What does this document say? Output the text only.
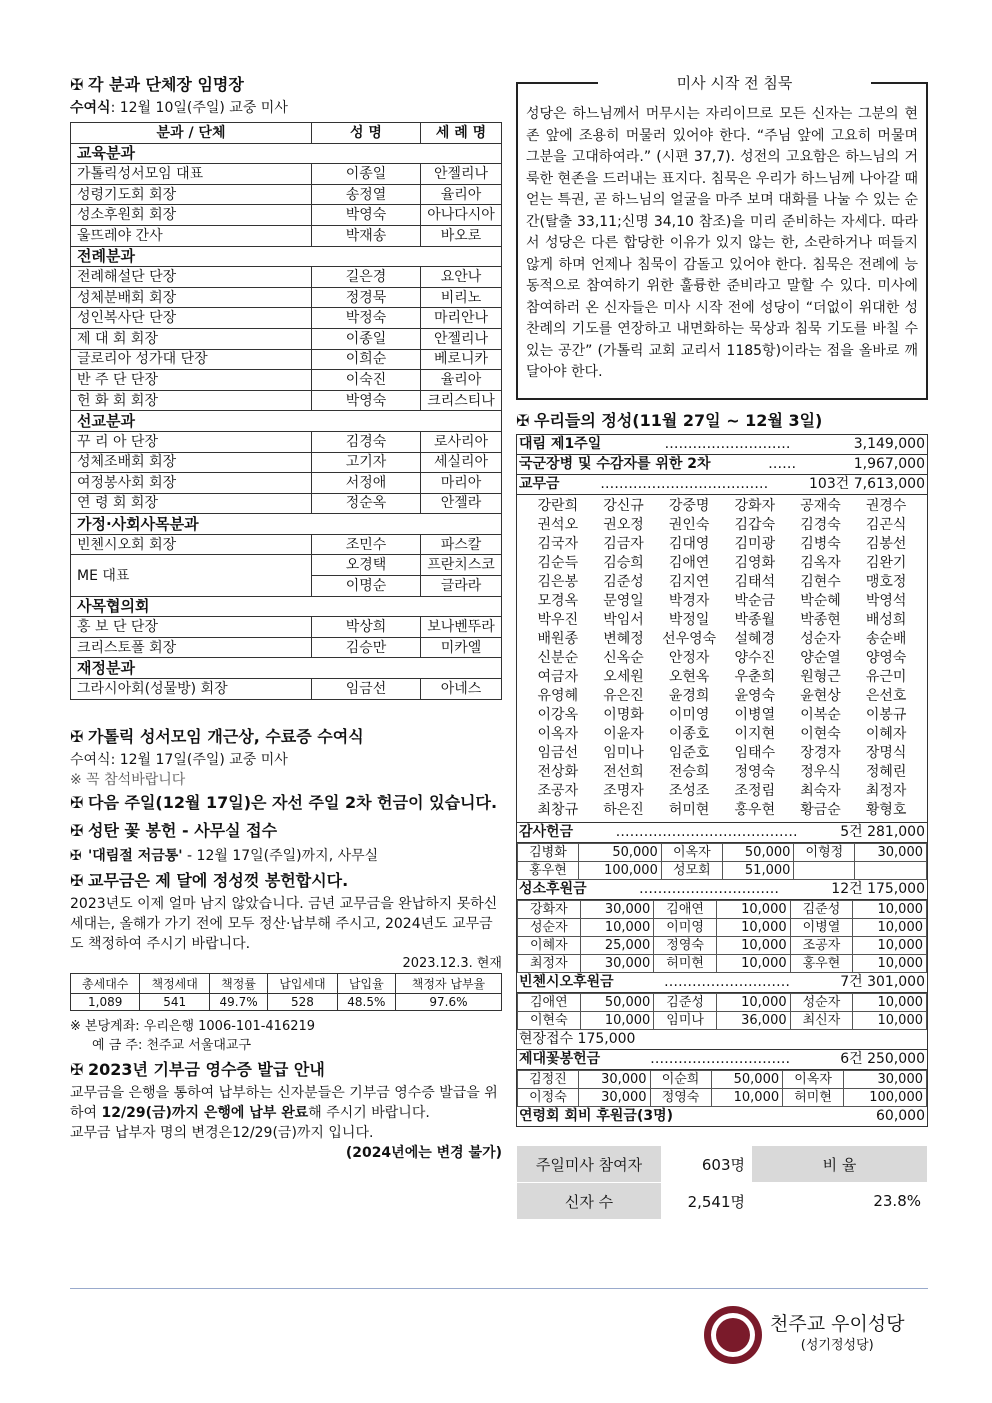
✠ 각 분과 단체장 임명장
수여식: 12월 10일(주일) 교중 미사
분과 / 단체	성 명	세 례 명
교육분과		
가톨릭성서모임 대표	이종일	안젤리나
성령기도회 회장	송정열	율리아
성소후원회 회장	박영숙	아나다시아
울뜨레야 간사	박재송	바오로
전례분과		
전례해설단 단장	길은경	요안나
성체분배회 회장	정경묵	비리노
성인복사단 단장	박정숙	마리안나
제 대 회 회장	이종일	안젤리나
글로리아 성가대 단장	이희순	베로니카
반 주 단 단장	이숙진	율리아
헌 화 회 회장	박영숙	크리스티나
선교분과		
꾸 리 아 단장	김경숙	로사리아
성체조배회 회장	고기자	세실리아
여정봉사회 회장	서정애	마리아
연 령 회 회장	정순옥	안젤라
가정·사회사목분과		
빈첸시오회 회장	조민수	파스칼
ME 대표	오경택	프란치스코
	이명순	글라라
사목협의회		
홍 보 단 단장	박상희	보나벤뚜라
크리스토폴 회장	김승만	미카엘
재정분과		
그라시아회(성물방) 회장	임금선	아네스
✠ 가톨릭 성서모임 개근상, 수료증 수여식
수여식: 12월 17일(주일) 교중 미사
※ 꼭 참석바랍니다
✠ 다음 주일(12월 17일)은 자선 주일 2차 헌금이 있습니다.
✠ 성탄 꽃 봉헌 - 사무실 접수
✠ '대림절 저금통' - 12월 17일(주일)까지, 사무실
✠ 교무금은 제 달에 정성껏 봉헌합시다.
2023년도 이제 얼마 남지 않았습니다. 금년 교무금을 완납하지 못하신 세대는, 올해가 가기 전에 모두 정산·납부해 주시고, 2024년도 교무금도 책정하여 주시기 바랍니다.
2023.12.3. 현재
총세대수	책정세대	책정률	납입세대	납입율	책정자 납부율
1,089	541	49.7%	528	48.5%	97.6%
※ 본당계좌: 우리은행 1006-101-416219
예 금 주: 천주교 서울대교구
✠ 2023년 기부금 영수증 발급 안내
교무금을 은행을 통하여 납부하는 신자분들은 기부금 영수증 발급을 위하여 12/29(금)까지 은행에 납부 완료해 주시기 바랍니다.
교무금 납부자 명의 변경은12/29(금)까지 입니다.
(2024년에는 변경 불가)
미사 시작 전 침묵
성당은 하느님께서 머무시는 자리이므로 모든 신자는 그분의 현존 앞에 조용히 머물러 있어야 한다. “주님 앞에 고요히 머물며 그분을 고대하여라.” (시편 37,7). 성전의 고요함은 하느님의 거룩한 현존을 드러내는 표지다. 침묵은 우리가 하느님께 나아갈 때 얻는 특권, 곧 하느님의 얼굴을 마주 보며 대화를 나눌 수 있는 순간(탈출 33,11;신명 34,10 참조)을 미리 준비하는 자세다. 따라서 성당은 다른 합당한 이유가 있지 않는 한, 소란하거나 떠들지 않게 하며 언제나 침묵이 감돌고 있어야 한다. 침묵은 전례에 능동적으로 참여하기 위한 훌륭한 준비라고 말할 수 있다. 미사에 참여하러 온 신자들은 미사 시작 전에 성당이 “더없이 위대한 성찬례의 기도를 연장하고 내면화하는 묵상과 침묵 기도를 바칠 수 있는 공간” (가톨릭 교회 교리서 1185항)이라는 점을 올바로 깨달아야 한다.
✠ 우리들의 정성(11월 27일 ~ 12월 3일)
대림 제1주일	………………………	3,149,000
국군장병 및 수감자를 위한 2차	……	1,967,000
교무금	………………………………	103건 7,613,000
강란희	강신규	강중명	강화자	공재숙	권경수
권석오	권오정	권인숙	김갑숙	김경숙	김곤식
김국자	김금자	김대영	김미광	김병숙	김봉선
김순득	김승희	김애연	김영화	김옥자	김완기
김은봉	김준성	김지연	김태석	김현수	맹호정
모경옥	문영일	박경자	박순금	박순혜	박영석
박우진	박임서	박정일	박종월	박종현	배성희
배원종	변혜정	선우영숙	설혜경	성순자	송순배
신분순	신옥순	안정자	양수진	양순열	양영숙
여금자	오세원	오현옥	우춘희	원형근	유근미
유영혜	유은진	윤경희	윤영숙	윤현상	은선호
이강옥	이명화	이미영	이병열	이복순	이봉규
이옥자	이윤자	이종호	이지현	이현숙	이혜자
임금선	임미나	임준호	임태수	장경자	장명식
전상화	전선희	전승희	정영숙	정우식	정혜린
조공자	조명자	조성조	조정림	최숙자	최정자
최창규	하은진	허미현	홍우현	황금순	황형호
감사헌금	…………………………………	5건 281,000
김병화	50,000	이옥자	50,000	이형정	30,000
홍우현	100,000	성모회	51,000		
성소후원금	…………………………	12건 175,000
강화자	30,000	김애연	10,000	김준성	10,000
성순자	10,000	이미영	10,000	이병열	10,000
이혜자	25,000	정영숙	10,000	조공자	10,000
최정자	30,000	허미현	10,000	홍우현	10,000
빈첸시오후원금	………………………	7건 301,000
김애연	50,000	김준성	10,000	성순자	10,000
이현숙	10,000	임미나	36,000	최신자	10,000
현장접수 175,000
제대꽃봉헌금	…………………………	6건 250,000
김정진	30,000	이순희	50,000	이옥자	30,000
이정숙	30,000	정영숙	10,000	허미현	100,000
연령회 회비 후원금(3명)	60,000
주일미사 참여자	603명	비 율
신자 수	2,541명	23.8%
천주교 우이성당
(성기정성당)
